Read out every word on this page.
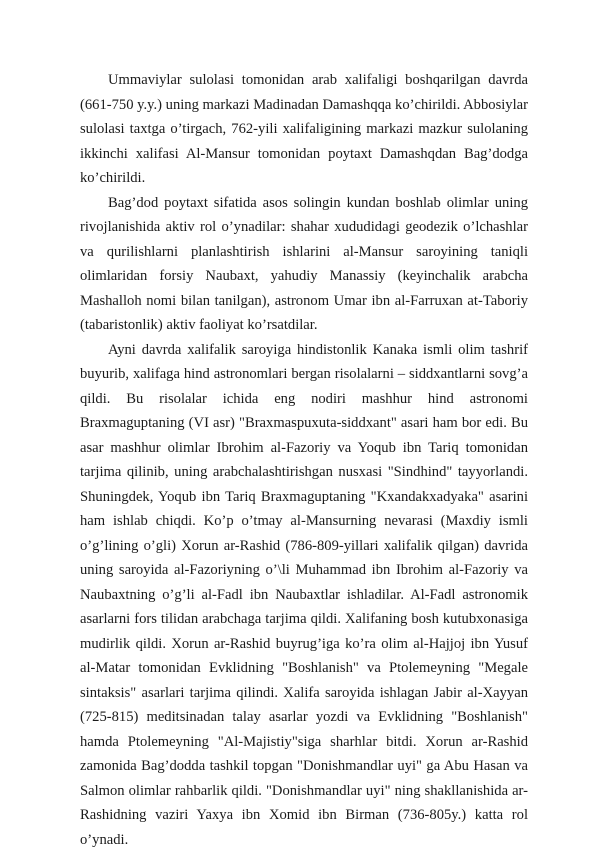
Ummaviylar sulolasi tomonidan arab xalifaligi boshqarilgan davrda (661-750 y.y.) uning markazi Madinadan Damashqqa ko’chirildi. Abbosiylar sulolasi taxtga o’tirgach, 762-yili xalifaligining markazi mazkur sulolaning ikkinchi xalifasi Al-Mansur tomonidan poytaxt Damashqdan Bag’dodga ko’chirildi.

Bag’dod poytaxt sifatida asos solingin kundan boshlab olimlar uning rivojlanishida aktiv rol o’ynadilar: shahar xududidagi geodezik o’lchashlar va qurilishlarni planlashtirish ishlarini al-Mansur saroyining taniqli olimlaridan forsiy Naubaxt, yahudiy Manassiy (keyinchalik arabcha Mashalloh nomi bilan tanilgan), astronom Umar ibn al-Farruxan at-Taboriy (tabaristonlik) aktiv faoliyat ko’rsatdilar.

Ayni davrda xalifalik saroyiga hindistonlik Kanaka ismli olim tashrif buyurib, xalifaga hind astronomlari bergan risolalarni – siddxantlarni sovg’a qildi. Bu risolalar ichida eng nodiri mashhur hind astronomi Braxmaguptaning (VI asr) "Braxmaspuxuta-siddxant" asari ham bor edi. Bu asar mashhur olimlar Ibrohim al-Fazoriy va Yoqub ibn Tariq tomonidan tarjima qilinib, uning arabchalashtirishgan nusxasi "Sindhind" tayyorlandi. Shuningdek, Yoqub ibn Tariq Braxmaguptaning "Kxandakxadyaka" asarini ham ishlab chiqdi. Ko’p o’tmay al-Mansurning nevarasi (Maxdiy ismli o’g’lining o’gli) Xorun ar-Rashid (786-809-yillari xalifalik qilgan) davrida uning saroyida al-Fazoriyning o’\li Muhammad ibn Ibrohim al-Fazoriy va Naubaxtning o’g’li al-Fadl ibn Naubaxtlar ishladilar. Al-Fadl astronomik asarlarni fors tilidan arabchaga tarjima qildi. Xalifaning bosh kutubxonasiga mudirlik qildi. Xorun ar-Rashid buyrug’iga ko’ra olim al-Hajjoj ibn Yusuf al-Matar tomonidan Evklidning "Boshlanish" va Ptolemeyning "Megale sintaksis" asarlari tarjima qilindi. Xalifa saroyida ishlagan Jabir al-Xayyan (725-815) meditsinadan talay asarlar yozdi va Evklidning "Boshlanish" hamda Ptolemeyning "Al-Majistiy"siga sharhlar bitdi. Xorun ar-Rashid zamonida Bag’dodda tashkil topgan "Donishmandlar uyi" ga Abu Hasan va Salmon olimlar rahbarlik qildi. "Donishmandlar uyi" ning shakllanishida ar-Rashidning vaziri Yaxya ibn Xomid ibn Birman (736-805y.) katta rol o’ynadi.
